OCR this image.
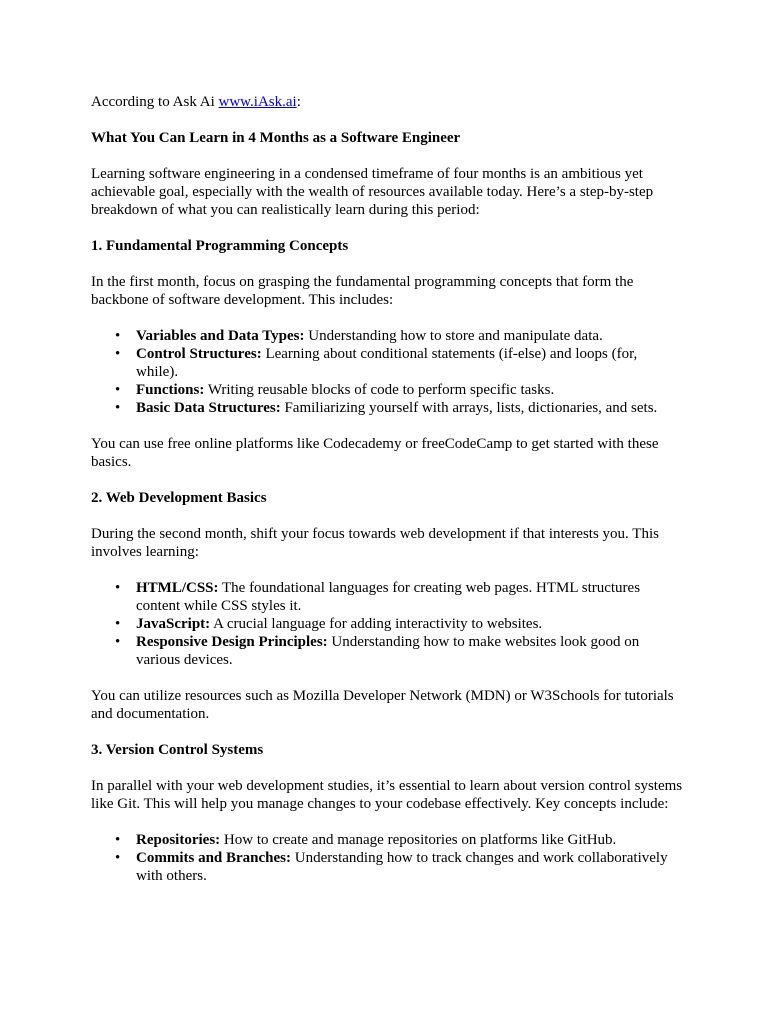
According to Ask Ai www.iAsk.ai:

What You Can Learn in 4 Months as a Software Engineer

Learning software engineering in a condensed timeframe of four months is an ambitious yet achievable goal, especially with the wealth of resources available today. Here’s a step-by-step breakdown of what you can realistically learn during this period:

1. Fundamental Programming Concepts

In the first month, focus on grasping the fundamental programming concepts that form the backbone of software development. This includes:

• Variables and Data Types: Understanding how to store and manipulate data.
• Control Structures: Learning about conditional statements (if-else) and loops (for, while).
• Functions: Writing reusable blocks of code to perform specific tasks.
• Basic Data Structures: Familiarizing yourself with arrays, lists, dictionaries, and sets.

You can use free online platforms like Codecademy or freeCodeCamp to get started with these basics.

2. Web Development Basics

During the second month, shift your focus towards web development if that interests you. This involves learning:

• HTML/CSS: The foundational languages for creating web pages. HTML structures content while CSS styles it.
• JavaScript: A crucial language for adding interactivity to websites.
• Responsive Design Principles: Understanding how to make websites look good on various devices.

You can utilize resources such as Mozilla Developer Network (MDN) or W3Schools for tutorials and documentation.

3. Version Control Systems

In parallel with your web development studies, it’s essential to learn about version control systems like Git. This will help you manage changes to your codebase effectively. Key concepts include:

• Repositories: How to create and manage repositories on platforms like GitHub.
• Commits and Branches: Understanding how to track changes and work collaboratively with others.
